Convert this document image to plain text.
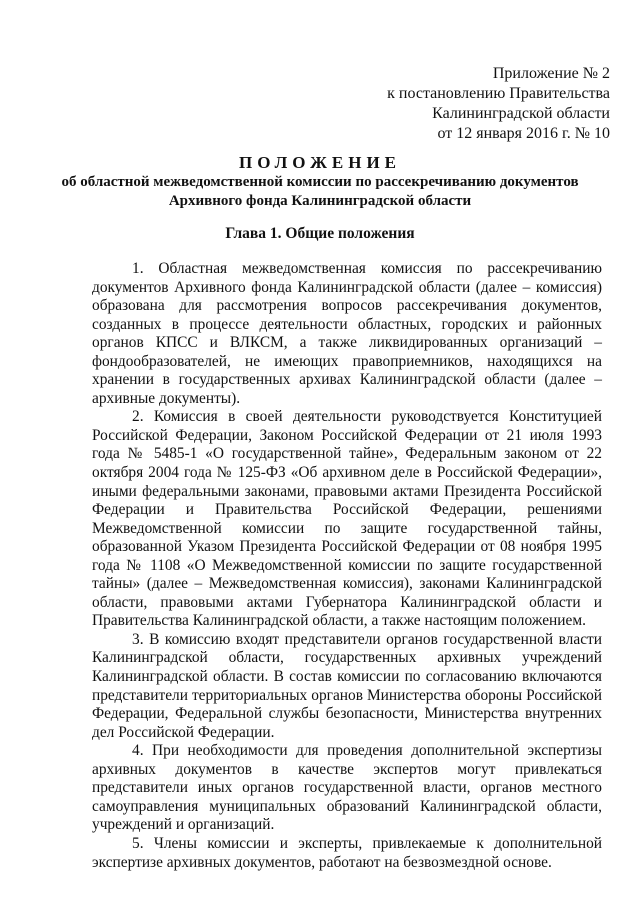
Приложение № 2
к постановлению Правительства
Калининградской области
от 12 января 2016 г. № 10
ПОЛОЖЕНИЕ
об областной межведомственной комиссии по рассекречиванию документов Архивного фонда Калининградской области
Глава 1. Общие положения

1. Областная межведомственная комиссия по рассекречиванию документов Архивного фонда Калининградской области (далее – комиссия) образована для рассмотрения вопросов рассекречивания документов, созданных в процессе деятельности областных, городских и районных органов КПСС и ВЛКСМ, а также ликвидированных организаций – фондообразователей, не имеющих правоприемников, находящихся на хранении в государственных архивах Калининградской области (далее – архивные документы).

2. Комиссия в своей деятельности руководствуется Конституцией Российской Федерации, Законом Российской Федерации от 21 июля 1993 года № 5485-1 «О государственной тайне», Федеральным законом от 22 октября 2004 года № 125-ФЗ «Об архивном деле в Российской Федерации», иными федеральными законами, правовыми актами Президента Российской Федерации и Правительства Российской Федерации, решениями Межведомственной комиссии по защите государственной тайны, образованной Указом Президента Российской Федерации от 08 ноября 1995 года № 1108 «О Межведомственной комиссии по защите государственной тайны» (далее – Межведомственная комиссия), законами Калининградской области, правовыми актами Губернатора Калининградской области и Правительства Калининградской области, а также настоящим положением.

3. В комиссию входят представители органов государственной власти Калининградской области, государственных архивных учреждений Калининградской области. В состав комиссии по согласованию включаются представители территориальных органов Министерства обороны Российской Федерации, Федеральной службы безопасности, Министерства внутренних дел Российской Федерации.

4. При необходимости для проведения дополнительной экспертизы архивных документов в качестве экспертов могут привлекаться представители иных органов государственной власти, органов местного самоуправления муниципальных образований Калининградской области, учреждений и организаций.

5. Члены комиссии и эксперты, привлекаемые к дополнительной экспертизе архивных документов, работают на безвозмездной основе.
